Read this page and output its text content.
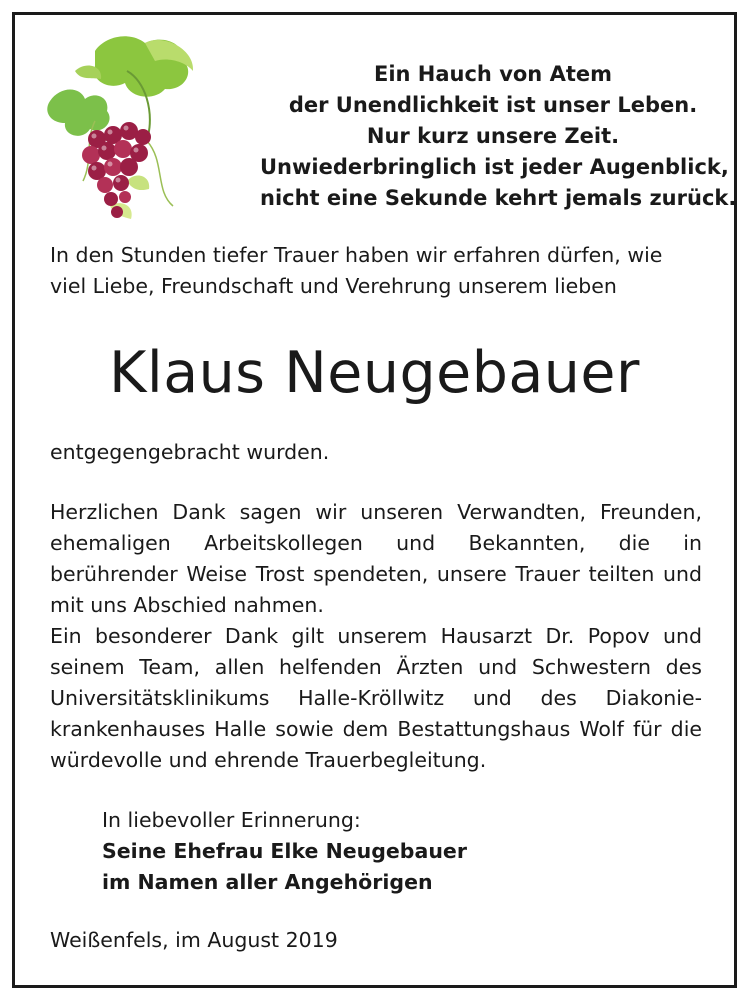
Ein Hauch von Atem
der Unendlichkeit ist unser Leben.
Nur kurz unsere Zeit.
Unwiederbringlich ist jeder Augenblick,
nicht eine Sekunde kehrt jemals zurück.
In den Stunden tiefer Trauer haben wir erfahren dürfen, wie viel Liebe, Freundschaft und Verehrung unserem lieben
Klaus Neugebauer
entgegengebracht wurden.
Herzlichen Dank sagen wir unseren Verwandten, Freunden, ehemaligen Arbeitskollegen und Bekannten, die in berührender Weise Trost spendeten, unsere Trauer teilten und mit uns Abschied nahmen.
Ein besonderer Dank gilt unserem Hausarzt Dr. Popov und seinem Team, allen helfenden Ärzten und Schwestern des Universitätsklinikums Halle-Kröllwitz und des Diakonie-krankenhauses Halle sowie dem Bestattungshaus Wolf für die würdevolle und ehrende Trauerbegleitung.
In liebevoller Erinnerung:
Seine Ehefrau Elke Neugebauer
im Namen aller Angehörigen
Weißenfels, im August 2019
